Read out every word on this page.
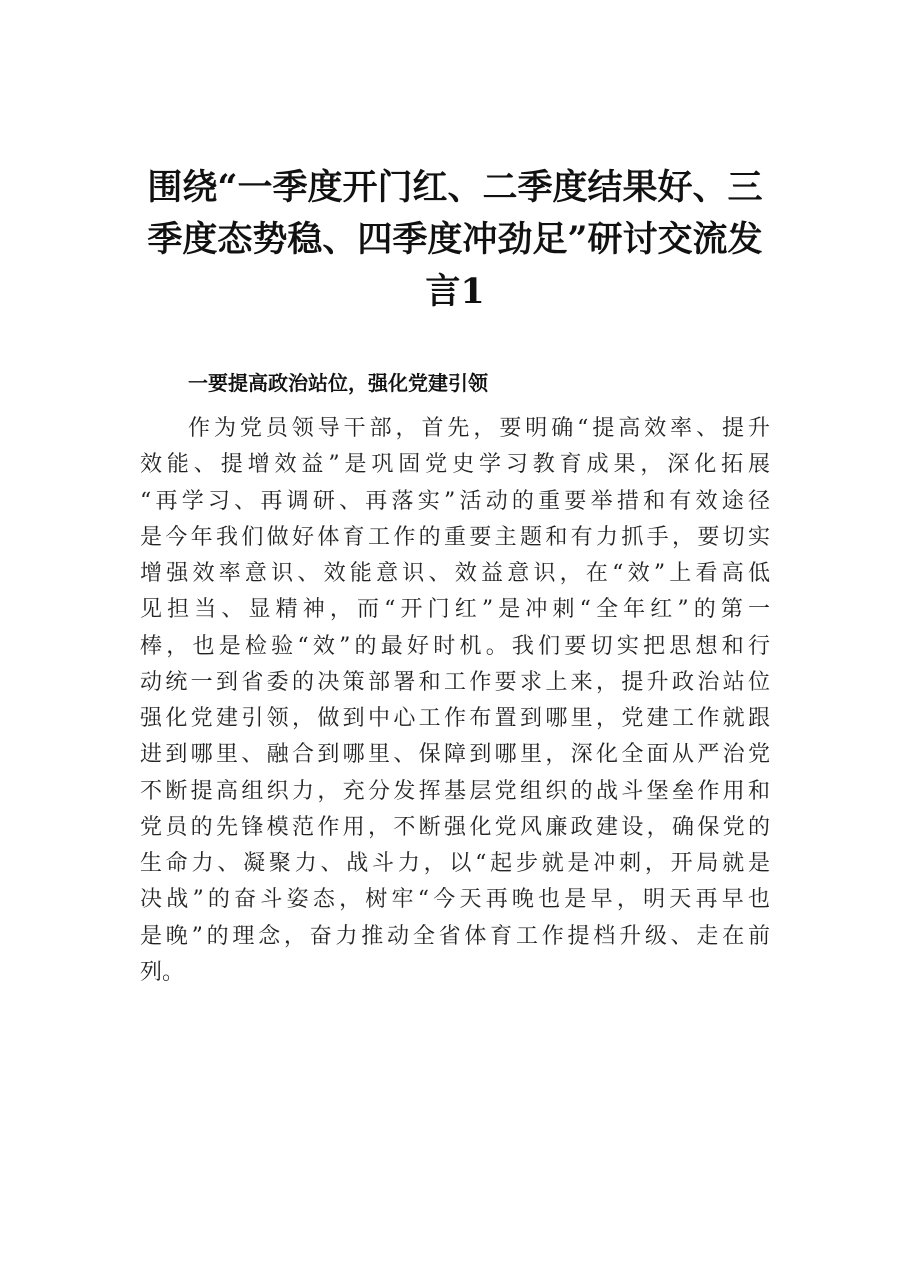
围绕“一季度开门红、二季度结果好、三
季度态势稳、四季度冲劲足”研讨交流发
言1
一要提高政治站位，强化党建引领
作为党员领导干部，首先，要明确“提高效率、提升
效能、提增效益”是巩固党史学习教育成果，深化拓展
“再学习、再调研、再落实”活动的重要举措和有效途径
是今年我们做好体育工作的重要主题和有力抓手，要切实
增强效率意识、效能意识、效益意识，在“效”上看高低
见担当、显精神，而“开门红”是冲刺“全年红”的第一
棒，也是检验“效”的最好时机。我们要切实把思想和行
动统一到省委的决策部署和工作要求上来，提升政治站位
强化党建引领，做到中心工作布置到哪里，党建工作就跟
进到哪里、融合到哪里、保障到哪里，深化全面从严治党
不断提高组织力，充分发挥基层党组织的战斗堡垒作用和
党员的先锋模范作用，不断强化党风廉政建设，确保党的
生命力、凝聚力、战斗力，以“起步就是冲刺，开局就是
决战”的奋斗姿态，树牢“今天再晚也是早，明天再早也
是晚”的理念，奋力推动全省体育工作提档升级、走在前
列。
